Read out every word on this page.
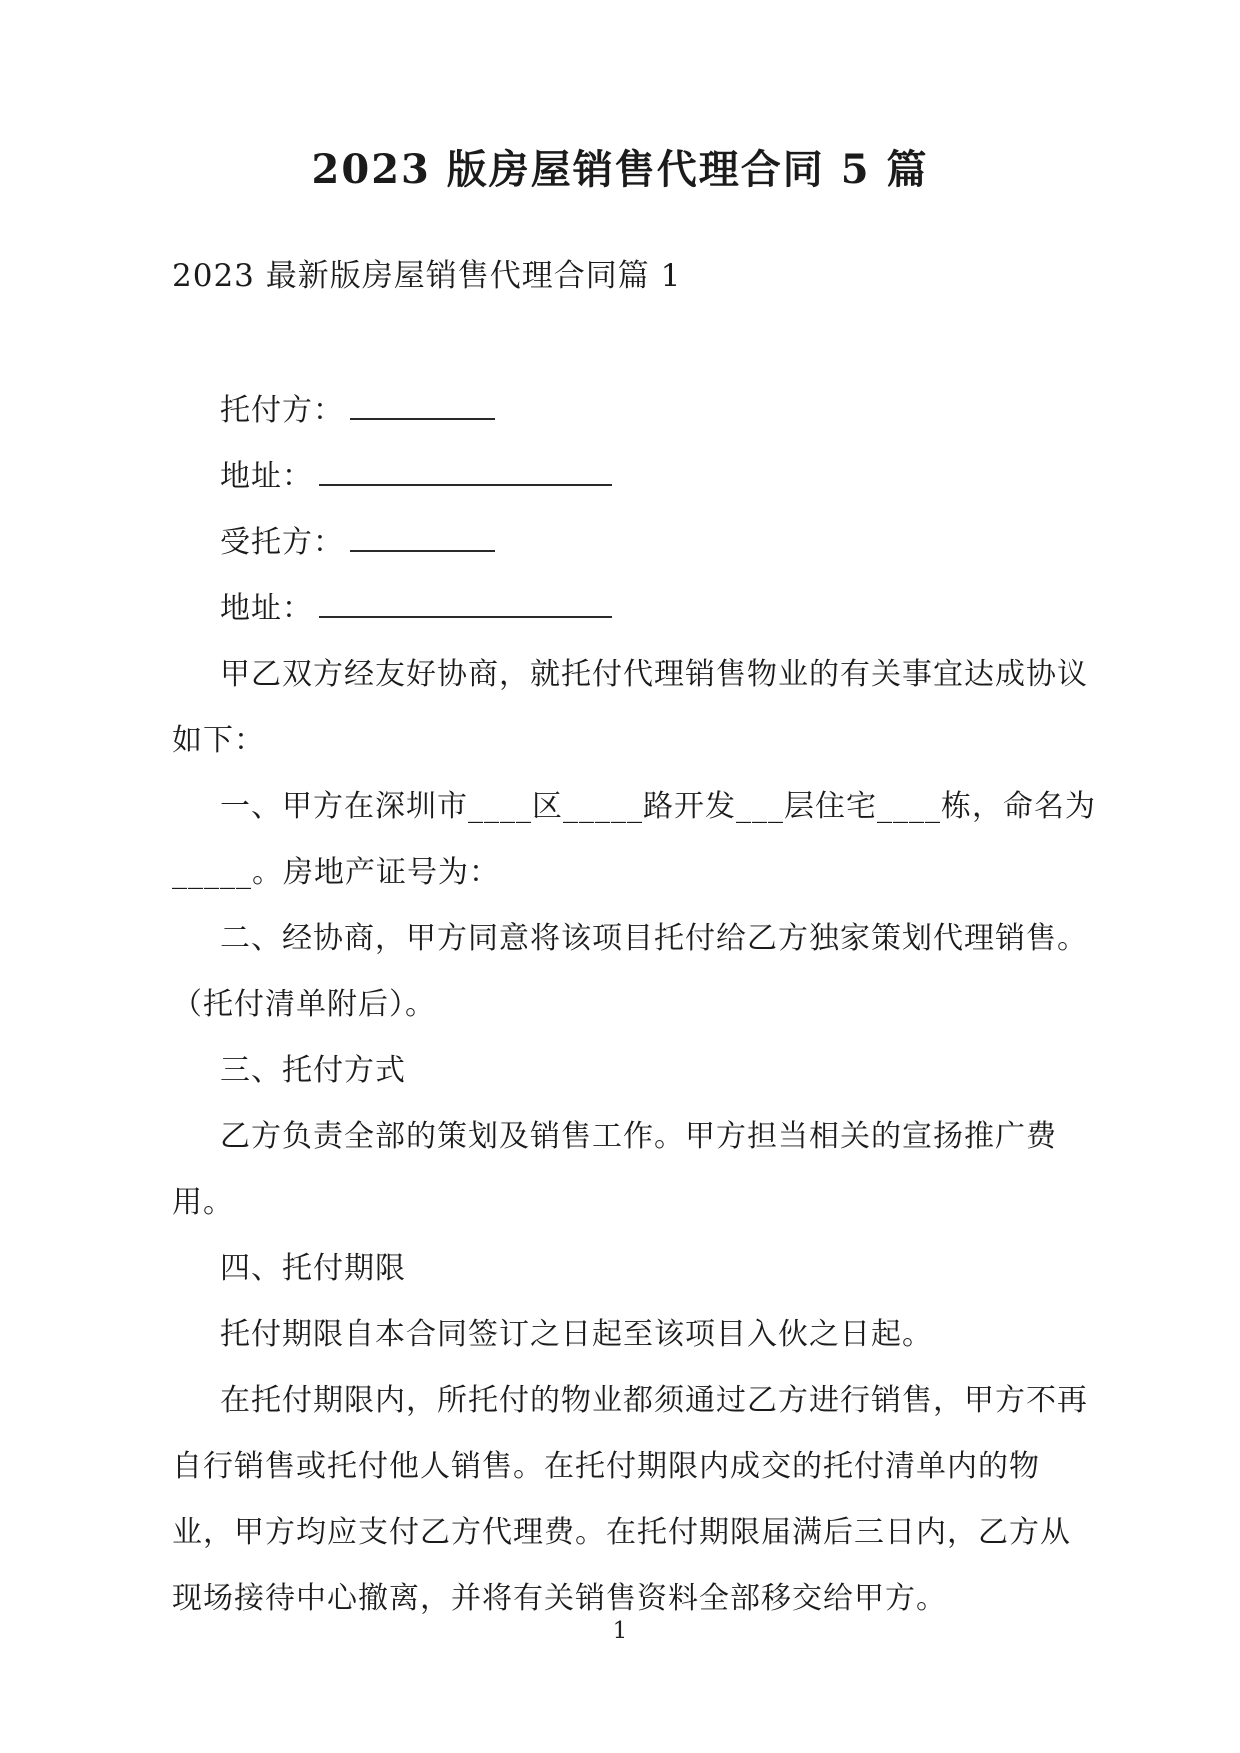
2023 版房屋销售代理合同 5 篇
2023 最新版房屋销售代理合同篇 1
托付方：
地址：
受托方：
地址：
甲乙双方经友好协商，就托付代理销售物业的有关事宜达成协议
如下：
一、甲方在深圳市____区_____路开发___层住宅____栋，命名为
_____。房地产证号为：
二、经协商，甲方同意将该项目托付给乙方独家策划代理销售。
（托付清单附后）。
三、托付方式
乙方负责全部的策划及销售工作。甲方担当相关的宣扬推广费
用。
四、托付期限
托付期限自本合同签订之日起至该项目入伙之日起。
在托付期限内，所托付的物业都须通过乙方进行销售，甲方不再
自行销售或托付他人销售。在托付期限内成交的托付清单内的物
业，甲方均应支付乙方代理费。在托付期限届满后三日内，乙方从
现场接待中心撤离，并将有关销售资料全部移交给甲方。
1
